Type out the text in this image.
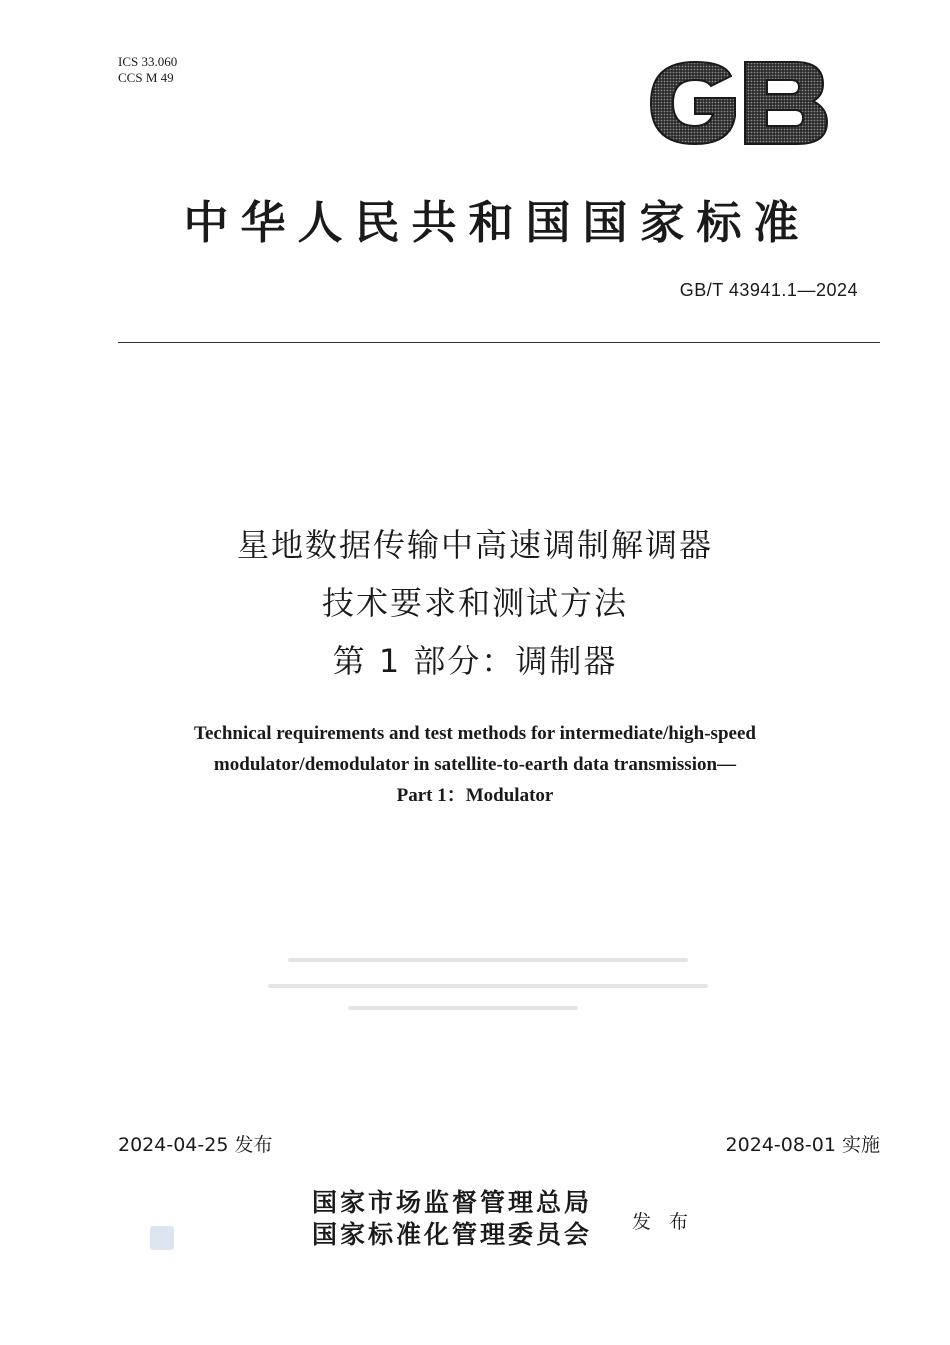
ICS 33.060
CCS M 49
中华人民共和国国家标准
GB/T 43941.1—2024
星地数据传输中高速调制解调器
技术要求和测试方法
第 1 部分：调制器
Technical requirements and test methods for intermediate/high-speed
modulator/demodulator in satellite-to-earth data transmission—
Part 1：Modulator
2024-04-25 发布	2024-08-01 实施
国家市场监督管理总局
国家标准化管理委员会 发 布
